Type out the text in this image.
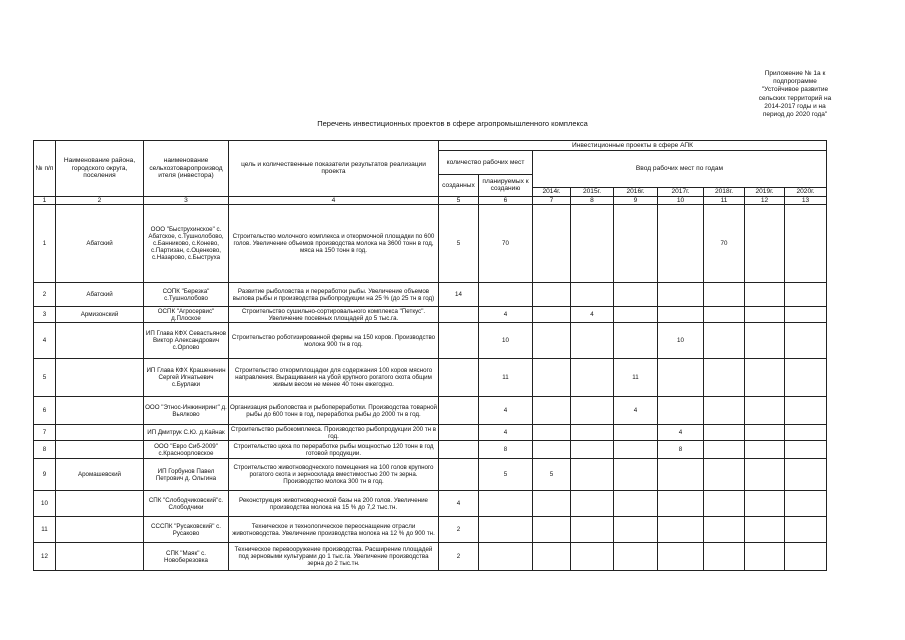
Приложение № 1а к
подпрограмме
"Устойчивое развитие
сельских территорий на
2014-2017 годы и на
период до 2020 года"
Перечень инвестиционных проектов в сфере агропромышленного комплекса
№ п/п	Наименование района, городского округа, поселения	наименование сельхозтоваропроизвод ителя (инвестора)	цель и количественные показатели результатов реализации проекта	Инвестиционные проекты в сфере АПК								
				количество рабочих мест		Ввод рабочих мест по годам						
				созданных	планируемых к созданию							
						2014г.	2015г.	2016г.	2017г.	2018г.	2019г.	2020г.
1	2	3	4	5	6	7	8	9	10	11	12	13
1	Абатский	ООО "Быструхинское" с. Абатское, с.Тушнолобово, с.Банниково, с.Конево, с.Партизан, с.Оценково, с.Назарово, с.Быструха	Строительство молочного комплекса и откормочной площадки по 600 голов. Увеличение объемов производства молока на 3600 тонн в год, мяса на 150 тонн в год.	5	70					70		
2	Абатский	СОПК "Березка" с.Тушнолобово	Развитие рыболовства и переработки рыбы. Увеличение объемов вылова рыбы и производства рыбопродукции на 25 % (до 25 тн в год)	14								
3	Армизонский	ОСПК "Агросервис" д.Плоское	Строительство сушильно-сортировального комплекса "Петкус". Увеличение посевных площадей до 5 тыс.га.		4		4					
4		ИП Глава КФХ Севастьянов Виктор Александрович с.Орлово	Строительство роботизированной фермы на 150 коров. Производство молока 900 тн в год.		10				10			
5		ИП Глава КФХ Крашенинин Сергей Игнатьевич с.Бурлаки	Строительство откормплощадки для содержания 100 коров мясного направления. Выращивания на убой крупного рогатого скота общим живым весом не менее 40 тонн ежегодно.		11			11				
6		ООО "Этнос-Инжиниринг" д. Вьялково	Организация рыболовства и рыбопереработки. Производства товарной рыбы до 600 тонн в год, переработка рыбы до 2000 тн в год.		4			4				
7		ИП Дмитрук С.Ю. д.Кайнак	Строительство рыбокомплекса. Производство рыбопродукции 200 тн в год.		4				4			
8		ООО "Евро Сиб-2009" с.Красноорловское	Строительство цеха по переработке рыбы мощностью 120 тонн в год готовой продукции.		8				8			
9	Аромашевский	ИП Горбунов Павел Петрович д. Ольгина	Строительство животноводческого помещения на 100 голов крупного рогатого скота и зерносклада вместимостью 200 тн зерна. Производство молока 300 тн в год.		5	5						
10		СПК "Слободчиковский"с. Слободчики	Реконструкция животноводческой базы на 200 голов. Увеличение производства молока на 15 % до 7,2 тыс.тн.	4								
11		СССПК "Русаковский" с. Русаково	Техническое и технологическое переоснащение отрасли животноводства. Увеличение производства молока на 12 % до 900 тн.	2								
12		СПК "Маяк" с. Новоберезовка	Техническое перевооружение производства. Расширение площадей под зерновыми культурами до 1 тыс.га. Увеличение производства зерна до 2 тыс.тн.	2								
